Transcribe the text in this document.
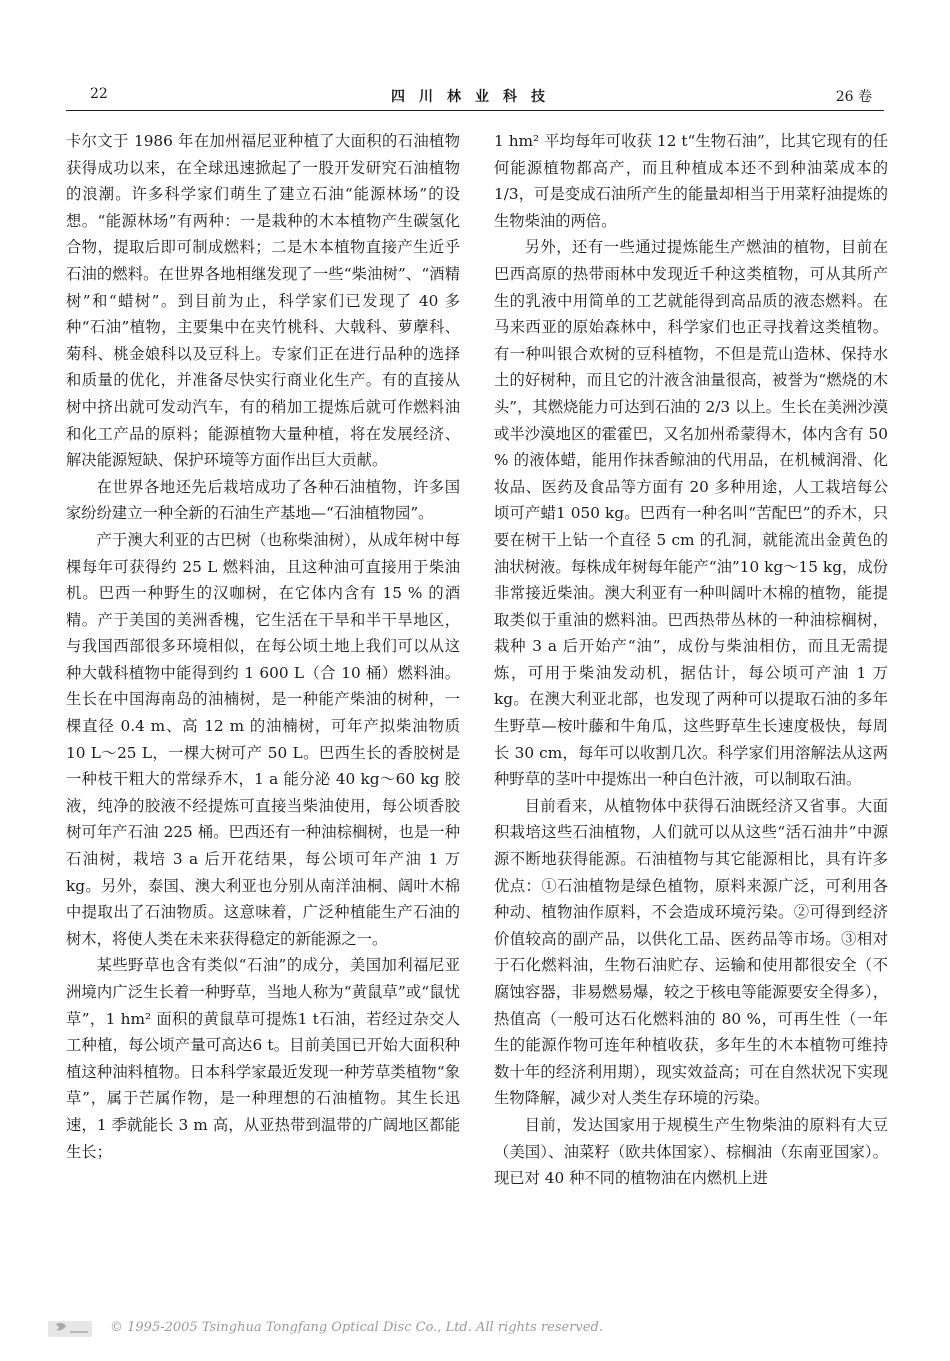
22	四川林业科技	26 卷

卡尔文于 1986 年在加州福尼亚种植了大面积的石油植物获得成功以来，在全球迅速掀起了一股开发研究石油植物的浪潮。许多科学家们萌生了建立石油“能源林场”的设想。“能源林场”有两种：一是栽种的木本植物产生碳氢化合物，提取后即可制成燃料；二是木本植物直接产生近乎石油的燃料。在世界各地相继发现了一些“柴油树”、“酒精树”和“蜡树”。到目前为止，科学家们已发现了 40 多种“石油”植物，主要集中在夹竹桃科、大戟科、萝藦科、菊科、桃金娘科以及豆科上。专家们正在进行品种的选择和质量的优化，并准备尽快实行商业化生产。有的直接从树中挤出就可发动汽车，有的稍加工提炼后就可作燃料油和化工产品的原料；能源植物大量种植，将在发展经济、解决能源短缺、保护环境等方面作出巨大贡献。

在世界各地还先后栽培成功了各种石油植物，许多国家纷纷建立一种全新的石油生产基地—“石油植物园”。

产于澳大利亚的古巴树（也称柴油树），从成年树中每棵每年可获得约 25 L 燃料油，且这种油可直接用于柴油机。巴西一种野生的汉咖树，在它体内含有 15 % 的酒精。产于美国的美洲香槐，它生活在干旱和半干旱地区，与我国西部很多环境相似，在每公顷土地上我们可以从这种大戟科植物中能得到约 1 600 L（合 10 桶）燃料油。生长在中国海南岛的油楠树，是一种能产柴油的树种，一棵直径 0.4 m、高 12 m 的油楠树，可年产拟柴油物质 10 L～25 L，一棵大树可产 50 L。巴西生长的香胶树是一种枝干粗大的常绿乔木，1 a 能分泌 40 kg～60 kg 胶液，纯净的胶液不经提炼可直接当柴油使用，每公顷香胶树可年产石油 225 桶。巴西还有一种油棕榈树，也是一种石油树，栽培 3 a 后开花结果，每公顷可年产油 1 万 kg。另外，泰国、澳大利亚也分别从南洋油桐、阔叶木棉中提取出了石油物质。这意味着，广泛种植能生产石油的树木，将使人类在未来获得稳定的新能源之一。

某些野草也含有类似“石油”的成分，美国加利福尼亚洲境内广泛生长着一种野草，当地人称为“黄鼠草”或“鼠忧草”，1 hm² 面积的黄鼠草可提炼1 t石油，若经过杂交人工种植，每公顷产量可高达6 t。目前美国已开始大面积种植这种油料植物。日本科学家最近发现一种芳草类植物“象草”，属于芒属作物，是一种理想的石油植物。其生长迅速，1 季就能长 3 m 高，从亚热带到温带的广阔地区都能生长；

1 hm² 平均每年可收获 12 t“生物石油”，比其它现有的任何能源植物都高产，而且种植成本还不到种油菜成本的 1/3，可是变成石油所产生的能量却相当于用菜籽油提炼的生物柴油的两倍。

另外，还有一些通过提炼能生产燃油的植物，目前在巴西高原的热带雨林中发现近千种这类植物，可从其所产生的乳液中用简单的工艺就能得到高品质的液态燃料。在马来西亚的原始森林中，科学家们也正寻找着这类植物。有一种叫银合欢树的豆科植物，不但是荒山造林、保持水土的好树种，而且它的汁液含油量很高，被誉为“燃烧的木头”，其燃烧能力可达到石油的 2/3 以上。生长在美洲沙漠或半沙漠地区的霍霍巴，又名加州希蒙得木，体内含有 50 % 的液体蜡，能用作抹香鲸油的代用品，在机械润滑、化妆品、医药及食品等方面有 20 多种用途，人工栽培每公顷可产蜡1 050 kg。巴西有一种名叫“苦配巴”的乔木，只要在树干上钻一个直径 5 cm 的孔洞，就能流出金黄色的油状树液。每株成年树每年能产“油”10 kg～15 kg，成份非常接近柴油。澳大利亚有一种叫阔叶木棉的植物，能提取类似于重油的燃料油。巴西热带丛林的一种油棕榈树，栽种 3 a 后开始产“油”，成份与柴油相仿，而且无需提炼，可用于柴油发动机，据估计，每公顷可产油 1 万 kg。在澳大利亚北部，也发现了两种可以提取石油的多年生野草—桉叶藤和牛角瓜，这些野草生长速度极快，每周长 30 cm，每年可以收割几次。科学家们用溶解法从这两种野草的茎叶中提炼出一种白色汁液，可以制取石油。

目前看来，从植物体中获得石油既经济又省事。大面积栽培这些石油植物，人们就可以从这些“活石油井”中源源不断地获得能源。石油植物与其它能源相比，具有许多优点：①石油植物是绿色植物，原料来源广泛，可利用各种动、植物油作原料，不会造成环境污染。②可得到经济价值较高的副产品，以供化工品、医药品等市场。③相对于石化燃料油，生物石油贮存、运输和使用都很安全（不腐蚀容器，非易燃易爆，较之于核电等能源要安全得多），热值高（一般可达石化燃料油的 80 %，可再生性（一年生的能源作物可连年种植收获，多年生的木本植物可维持数十年的经济利用期），现实效益高；可在自然状况下实现生物降解，减少对人类生存环境的污染。

目前，发达国家用于规模生产生物柴油的原料有大豆（美国）、油菜籽（欧共体国家）、棕榈油（东南亚国家）。现已对 40 种不同的植物油在内燃机上进

© 1995-2005 Tsinghua Tongfang Optical Disc Co., Ltd. All rights reserved.
